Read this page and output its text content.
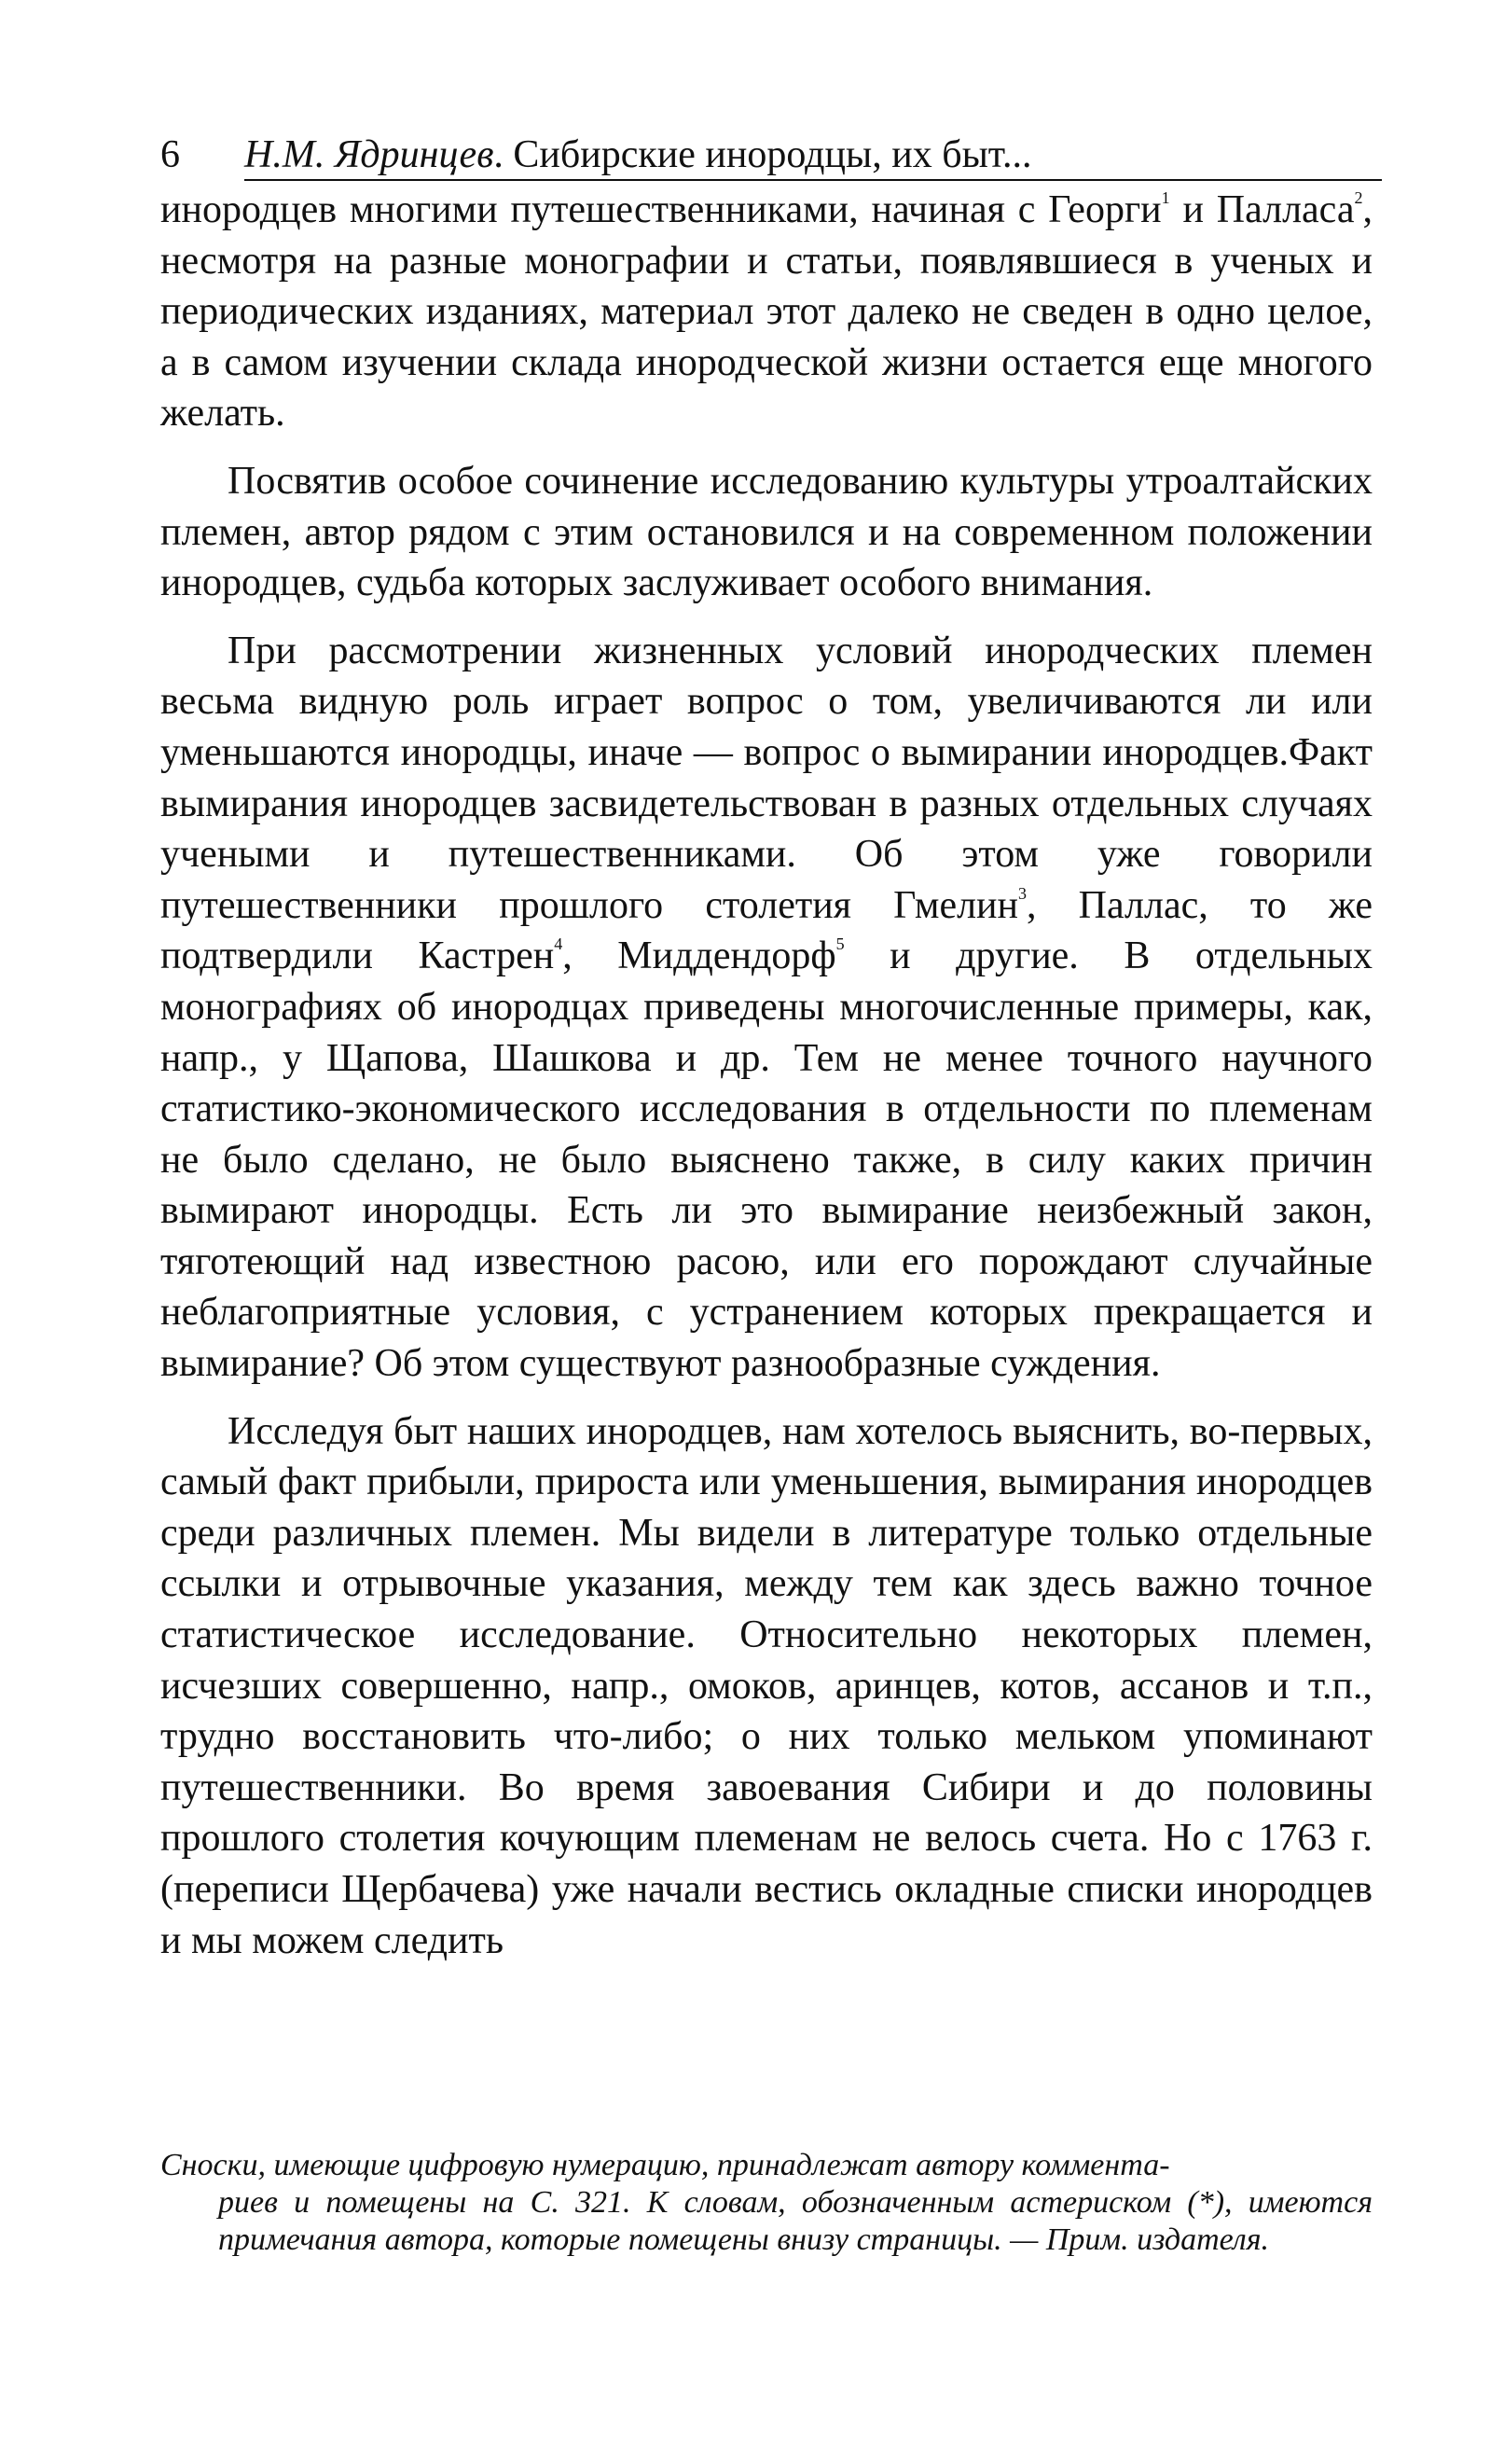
6 Н.М. Ядринцев. Сибирские инородцы, их быт...

инородцев многими путешественниками, начиная с Георги$^1$ и Палласа$^2$, несмотря на разные монографии и статьи, появлявшиеся в ученых и периодических изданиях, материал этот далеко не сведен в одно целое, а в самом изучении склада инородческой жизни остается еще многого желать.

Посвятив особое сочинение исследованию культуры утроалтайских племен, автор рядом с этим остановился и на современном положении инородцев, судьба которых заслуживает особого внимания.

При рассмотрении жизненных условий инородческих племен весьма видную роль играет вопрос о том, увеличиваются ли или уменьшаются инородцы, иначе — вопрос о вымирании инородцев.Факт вымирания инородцев засвидетельствован в разных отдельных случаях учеными и путешественниками. Об этом уже говорили путешественники прошлого столетия Гмелин$^3$, Паллас, то же подтвердили Кастрен$^4$, Миддендорф$^5$ и другие. В отдельных монографиях об инородцах приведены многочисленные примеры, как, напр., у Щапова, Шашкова и др. Тем не менее точного научного статистико-экономического исследования в отдельности по племенам не было сделано, не было выяснено также, в силу каких причин вымирают инородцы. Есть ли это вымирание неизбежный закон, тяготеющий над известною расою, или его порождают случайные неблагоприятные условия, с устранением которых прекращается и вымирание? Об этом существуют разнообразные суждения.

Исследуя быт наших инородцев, нам хотелось выяснить, во-первых, самый факт прибыли, прироста или уменьшения, вымирания инородцев среди различных племен. Мы видели в литературе только отдельные ссылки и отрывочные указания, между тем как здесь важно точное статистическое исследование. Относительно некоторых племен, исчезших совершенно, напр., омоков, аринцев, котов, ассанов и т.п., трудно восстановить что-либо; о них только мельком упоминают путешественники. Во время завоевания Сибири и до половины прошлого столетия кочующим племенам не велось счета. Но с 1763 г. (переписи Щербачева) уже начали вестись окладные списки инородцев и мы можем следить

Сноски, имеющие цифровую нумерацию, принадлежат автору коммента-
риев и помещены на С. 321. К словам, обозначенным астериском (*), имеются примечания автора, которые помещены внизу страницы. — Прим. издателя.
